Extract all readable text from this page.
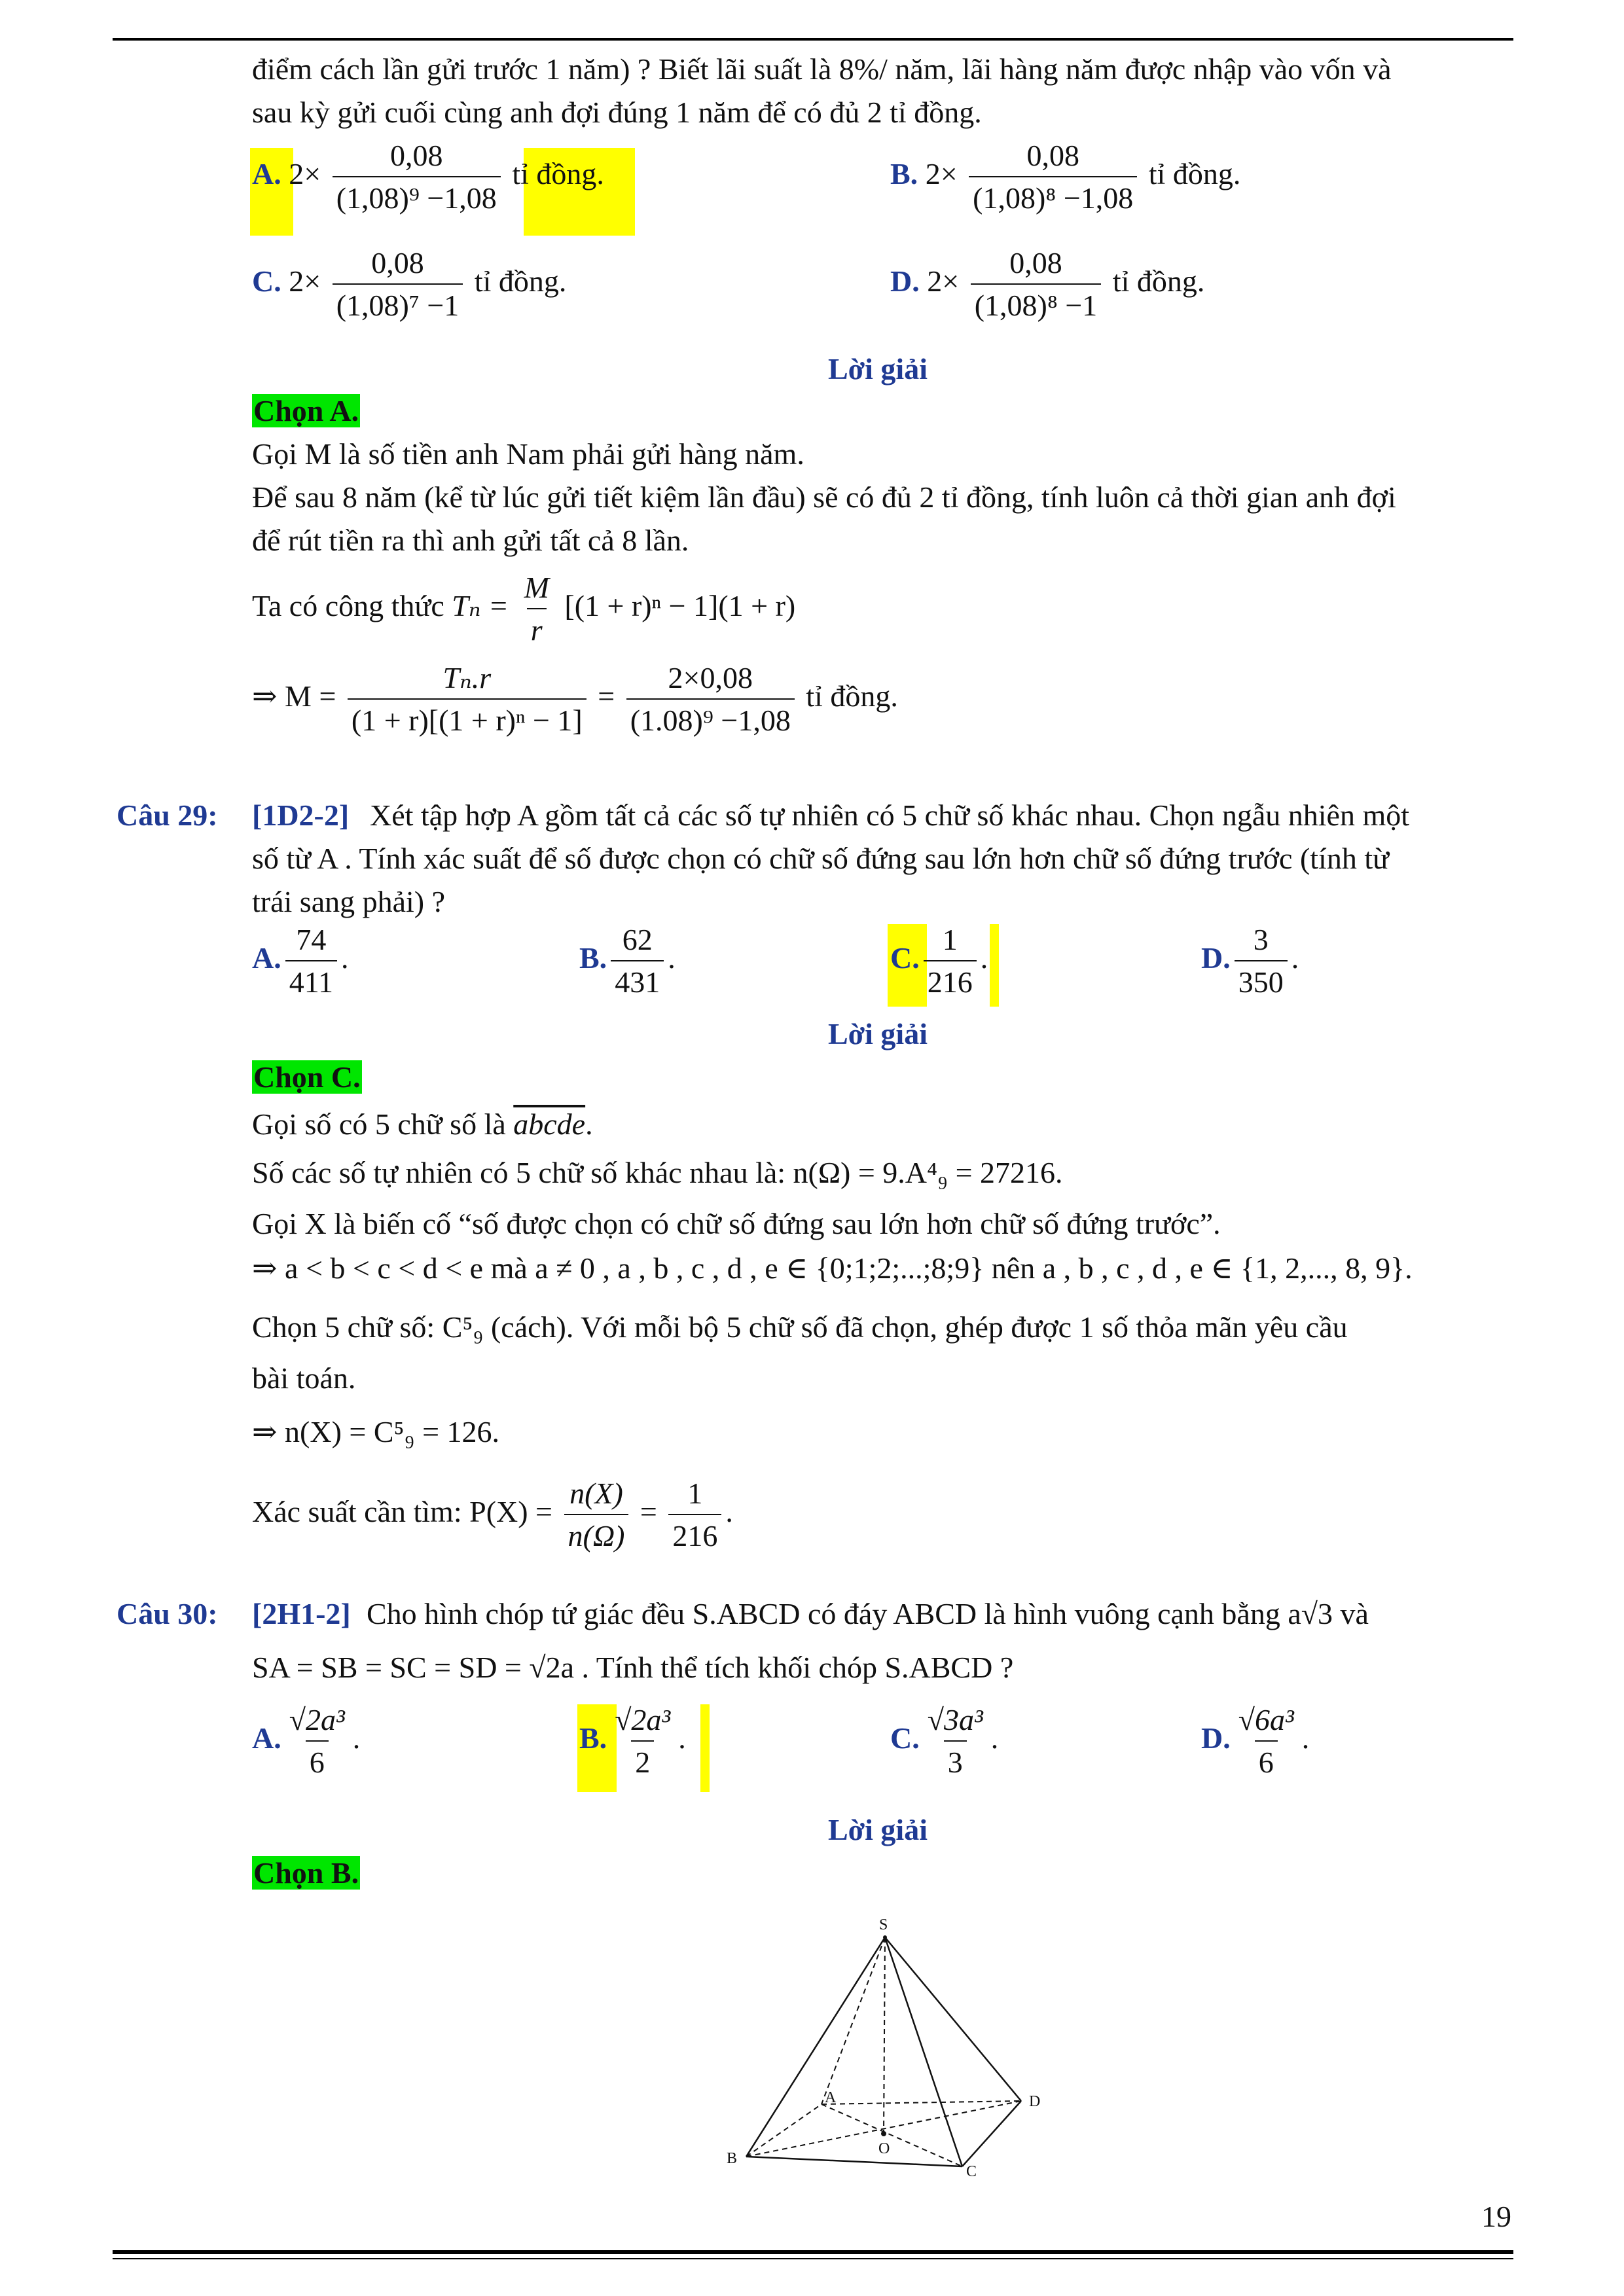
điểm cách lần gửi trước 1 năm) ? Biết lãi suất là 8%/ năm, lãi hàng năm được nhập vào vốn và
sau kỳ gửi cuối cùng anh đợi đúng 1 năm để có đủ 2 tỉ đồng.
A. $2\times \frac{0,08}{\text{(1,08)⁹ −1,08}}$ tỉ đồng.	B. $2\times \frac{0,08}{\text{(1,08)⁸ −1,08}}$ tỉ đồng.
C. $2\times \frac{0,08}{\text{(1,08)⁷ −1}}$ tỉ đồng.	D. $2\times \frac{0,08}{\text{(1,08)⁸ −1}}$ tỉ đồng.
Lời giải
Chọn A.
Gọi M là số tiền anh Nam phải gửi hàng năm.
Để sau 8 năm (kể từ lúc gửi tiết kiệm lần đầu) sẽ có đủ 2 tỉ đồng, tính luôn cả thời gian anh đợi
để rút tiền ra thì anh gửi tất cả 8 lần.
Ta có công thức $T_n = \frac{M}{r} [(1 + r)^n - 1](1 + r)$
⇒ $M = \frac{\text{Tₙ.r}}{\text{(1 + r)[(1 + r)ⁿ − 1]}} = \frac{2\times 0,08}{\text{(1.08)⁹ −1,08}}$ tỉ đồng.
Câu 29: [1D2-2] Xét tập hợp A gồm tất cả các số tự nhiên có 5 chữ số khác nhau. Chọn ngẫu nhiên một
số từ A . Tính xác suất để số được chọn có chữ số đứng sau lớn hơn chữ số đứng trước (tính từ
trái sang phải) ?
A. $\frac{74}{411}$ .	B. $\frac{62}{431}$ .	C. $\frac{1}{216}$ .	D. $\frac{3}{350}$ .
Lời giải
Chọn C.
Gọi số có 5 chữ số là abcde.
Số các số tự nhiên có 5 chữ số khác nhau là: n(Ω) = 9.A⁴₉ = 27216.
Gọi X là biến cố “số được chọn có chữ số đứng sau lớn hơn chữ số đứng trước”.
⇒ a < b < c < d < e mà a ≠ 0 , a , b , c , d , e ∈ {0;1;2;...;8;9} nên a , b , c , d , e ∈ {1, 2,..., 8, 9}.
Chọn 5 chữ số: C⁵₉ (cách). Với mỗi bộ 5 chữ số đã chọn, ghép được 1 số thỏa mãn yêu cầu
bài toán.
⇒ n(X) = C⁵₉ = 126.
Xác suất cần tìm: $P(X) = \frac{n(X)}{n(\Omega)} = \frac{1}{216}$ .
Câu 30: [2H1-2] Cho hình chóp tứ giác đều S.ABCD có đáy ABCD là hình vuông cạnh bằng a√3 và
SA = SB = SC = SD = √2a . Tính thể tích khối chóp S.ABCD ?
A. $\frac{\text{√2a³}}{6}$ .	B. $\frac{\text{√2a³}}{2}$ .	C. $\frac{\text{√3a³}}{3}$ .	D. $\frac{\text{√6a³}}{6}$ .
Lời giải
Chọn B.
S
A
B
C
D
O
19
